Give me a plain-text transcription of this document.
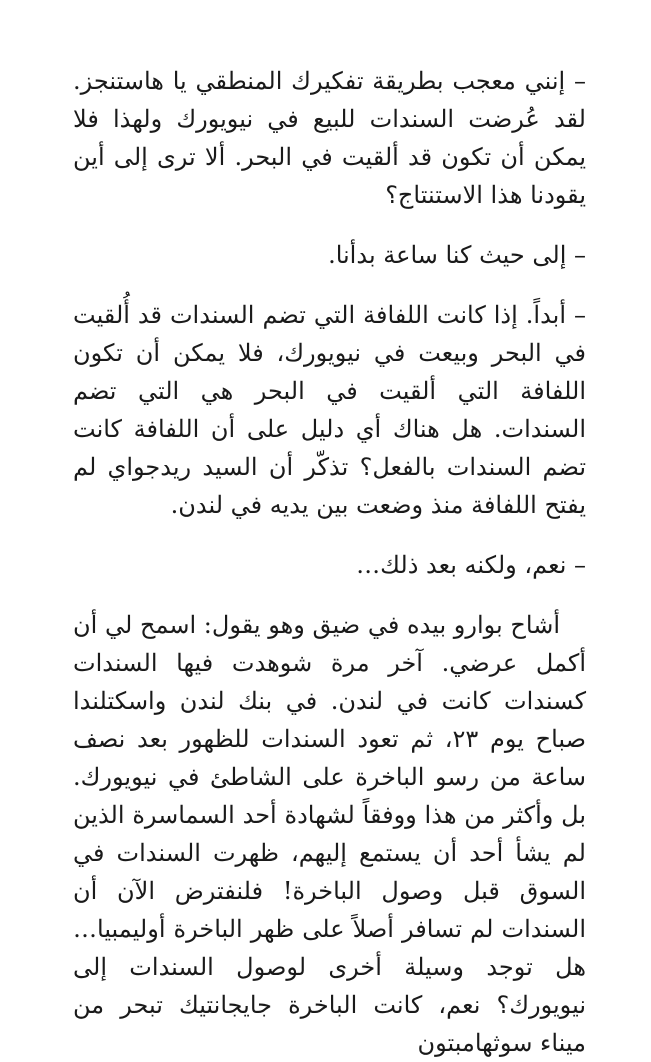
– إنني معجب بطريقة تفكيرك المنطقي يا هاستنجز. لقد عُرضت السندات للبيع في نيويورك ولهذا فلا يمكن أن تكون قد ألقيت في البحر. ألا ترى إلى أين يقودنا هذا الاستنتاج؟

– إلى حيث كنا ساعة بدأنا.

– أبداً. إذا كانت اللفافة التي تضم السندات قد أُلقيت في البحر وبيعت في نيويورك، فلا يمكن أن تكون اللفافة التي ألقيت في البحر هي التي تضم السندات. هل هناك أي دليل على أن اللفافة كانت تضم السندات بالفعل؟ تذكّر أن السيد ريدجواي لم يفتح اللفافة منذ وضعت بين يديه في لندن.

– نعم، ولكنه بعد ذلك…

أشاح بوارو بيده في ضيق وهو يقول: اسمح لي أن أكمل عرضي. آخر مرة شوهدت فيها السندات كسندات كانت في لندن. في بنك لندن واسكتلندا صباح يوم ٢٣، ثم تعود السندات للظهور بعد نصف ساعة من رسو الباخرة على الشاطئ في نيويورك. بل وأكثر من هذا ووفقاً لشهادة أحد السماسرة الذين لم يشأ أحد أن يستمع إليهم، ظهرت السندات في السوق قبل وصول الباخرة! فلنفترض الآن أن السندات لم تسافر أصلاً على ظهر الباخرة أوليمبيا… هل توجد وسيلة أخرى لوصول السندات إلى نيويورك؟ نعم، كانت الباخرة جايجانتيك تبحر من ميناء سوثهامبتون
